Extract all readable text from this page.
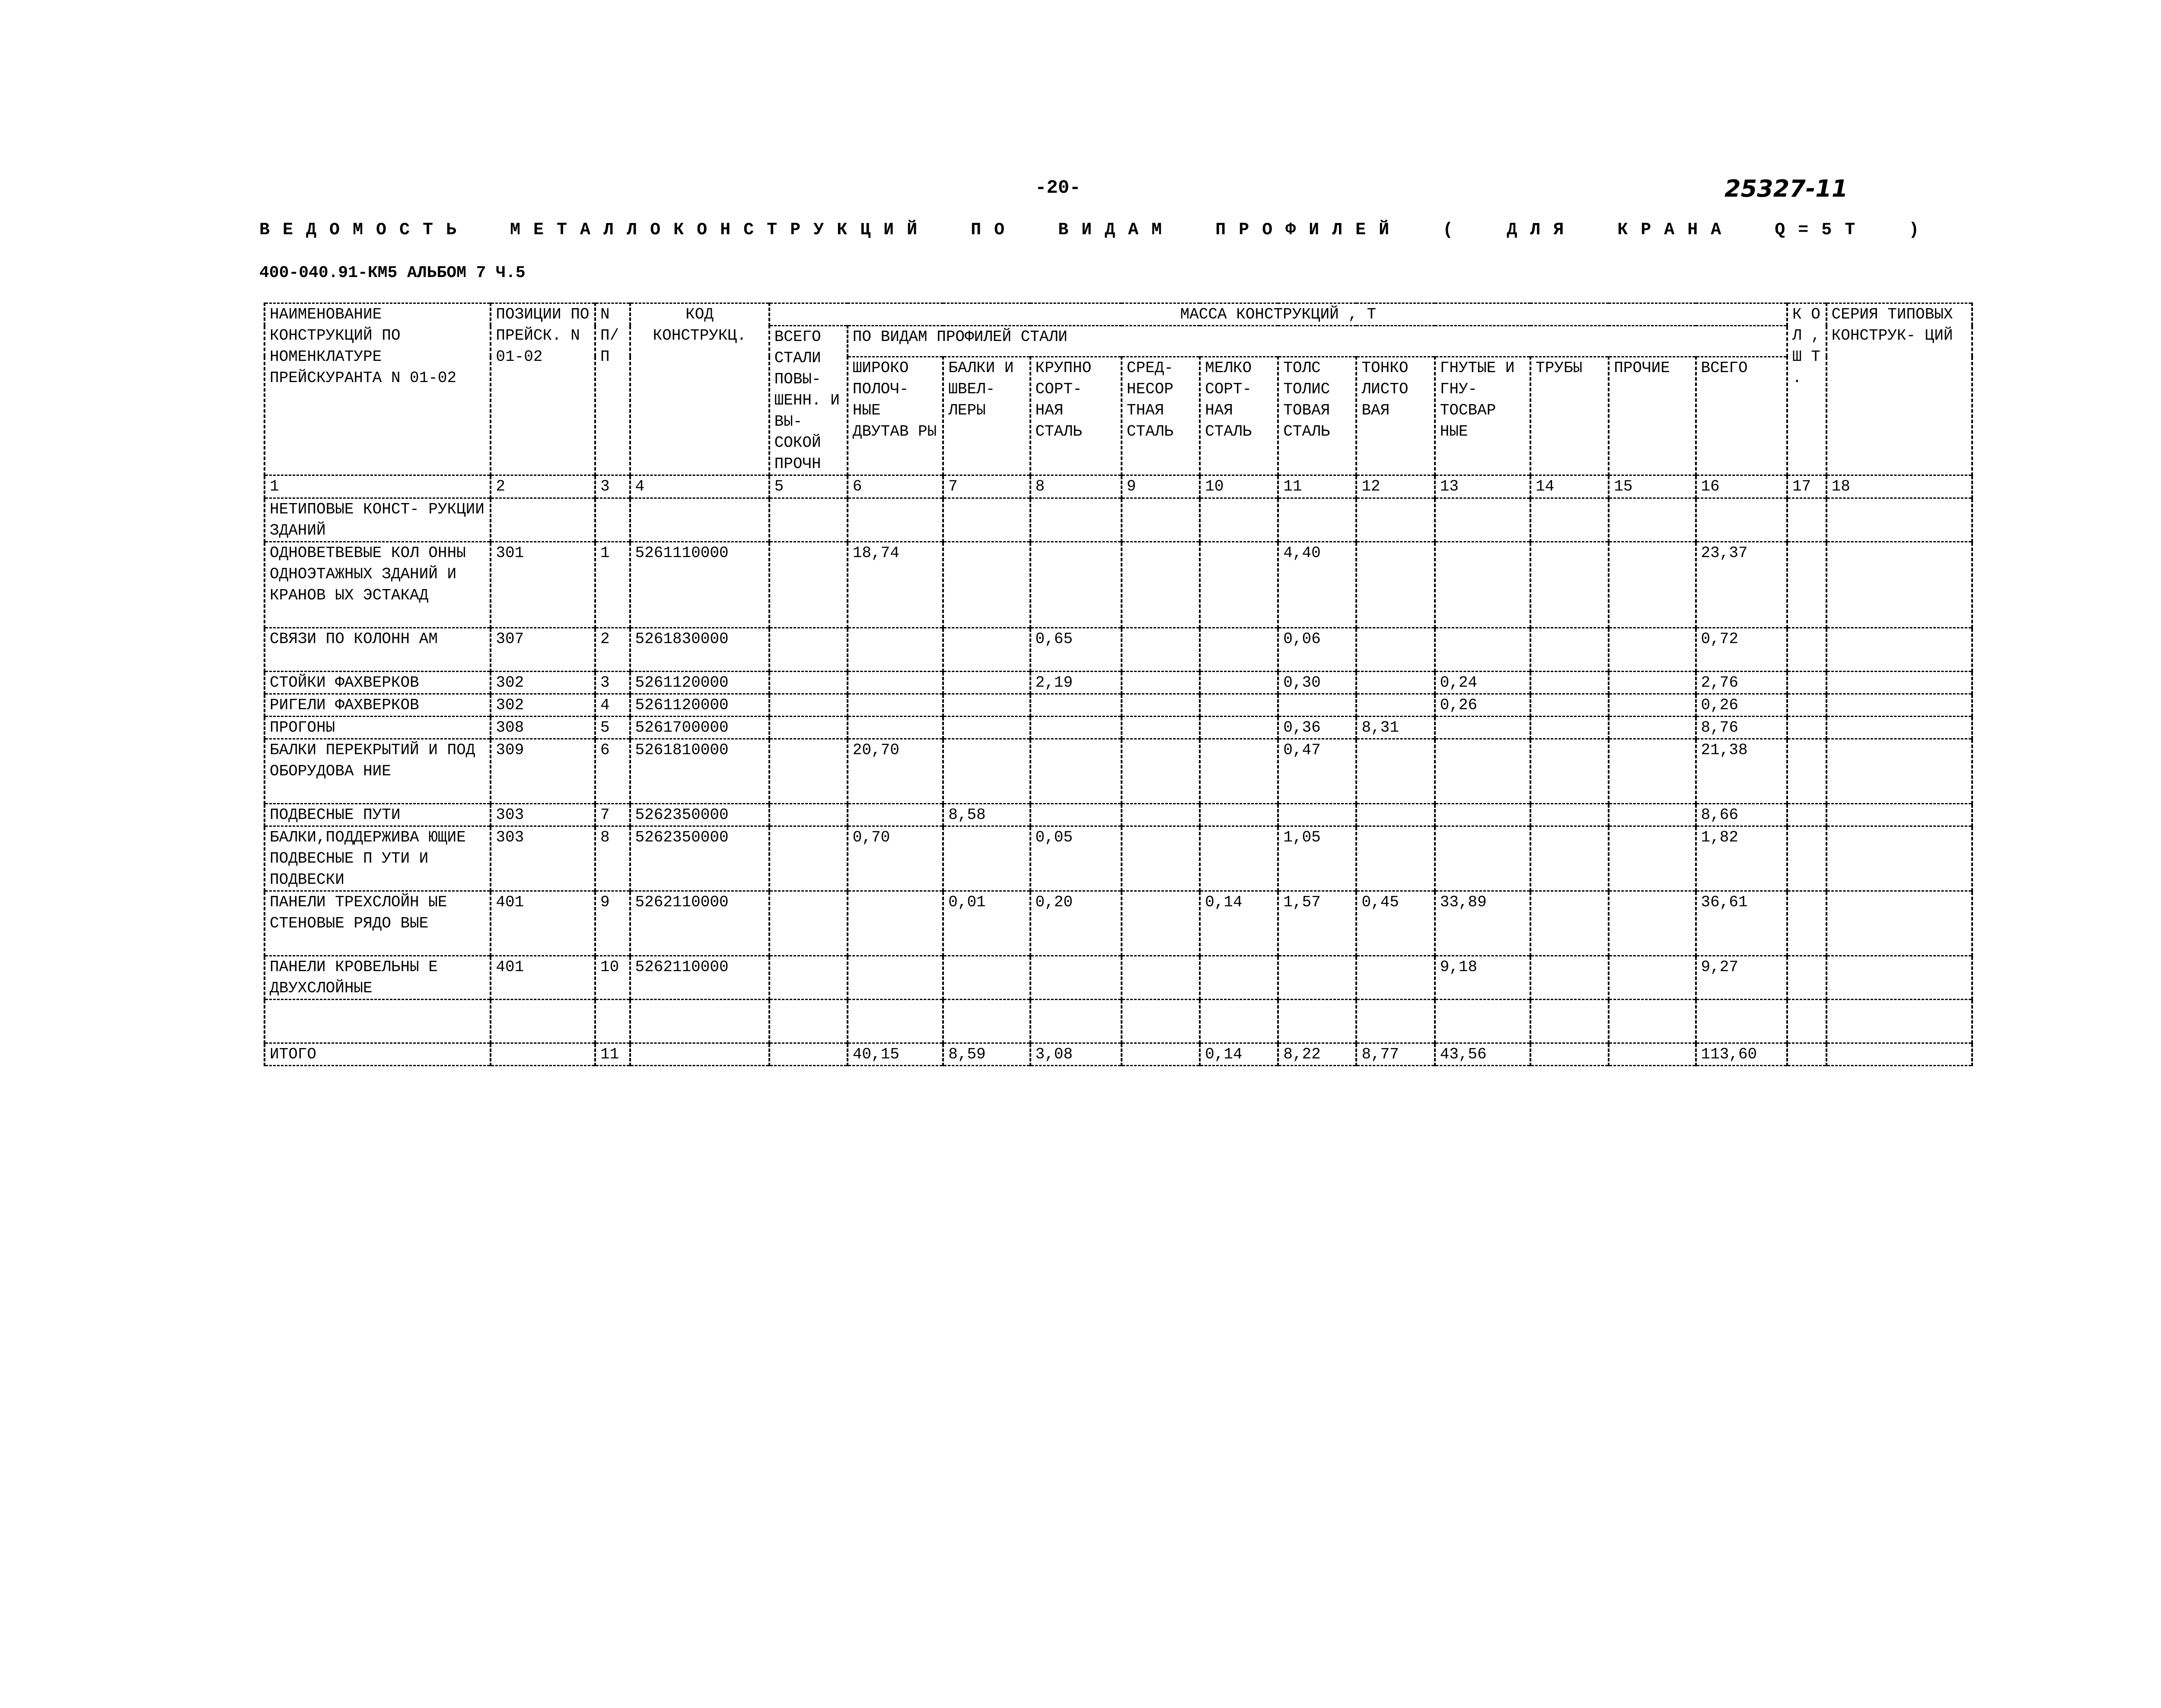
-20-	25327-11
ВЕДОМОСТЬ МЕТАЛЛОКОНСТРУКЦИЙ ПО ВИДАМ ПРОФИЛЕЙ ( ДЛЯ КРАНА Q=5Т )
400-040.91-КМ5 АЛЬБОМ 7 Ч.5
НАИМЕНОВАНИЕ КОНСТРУКЦИЙ ПО НОМЕНКЛАТУРЕ ПРЕЙСКУРАНТА N 01-02	ПОЗИЦИИ ПО ПРЕЙСК. N 01-02	N П/П	КОД КОНСТРУКЦ.	МАССА КОНСТРУКЦИЙ , Т												К О Л , Ш Т .	СЕРИЯ ТИПОВЫХ КОНСТРУК- ЦИЙ
				ВСЕГО СТАЛИ ПОВЫ- ШЕНН. И ВЫ- СОКОЙ ПРОЧН	ПО ВИДАМ ПРОФИЛЕЙ СТАЛИ												
					ШИРОКО ПОЛОЧ- НЫЕ ДВУТАВ РЫ	БАЛКИ И ШВЕЛ- ЛЕРЫ	КРУПНО СОРТ- НАЯ СТАЛЬ	СРЕД- НЕСОР ТНАЯ СТАЛЬ	МЕЛКО СОРТ- НАЯ СТАЛЬ	ТОЛС ТОЛИС ТОВАЯ СТАЛЬ	ТОНКО ЛИСТО ВАЯ	ГНУТЫЕ И ГНУ- ТОСВАР НЫЕ	ТРУБЫ	ПРОЧИЕ	ВСЕГО		
1	2	3	4	5	6	7	8	9	10	11	12	13	14	15	16	17	18
НЕТИПОВЫЕ КОНСТ- РУКЦИИ ЗДАНИЙ																	
ОДНОВЕТВЕВЫЕ КОЛ ОННЫ ОДНОЭТАЖНЫХ ЗДАНИЙ И КРАНОВ ЫХ ЭСТАКАД	301	1	5261110000		18,74					4,40					23,37		
СВЯЗИ ПО КОЛОНН АМ	307	2	5261830000				0,65			0,06					0,72		
СТОЙКИ ФАХВЕРКОВ	302	3	5261120000				2,19			0,30		0,24			2,76		
РИГЕЛИ ФАХВЕРКОВ	302	4	5261120000									0,26			0,26		
ПРОГОНЫ	308	5	5261700000							0,36	8,31				8,76		
БАЛКИ ПЕРЕКРЫТИЙ И ПОД ОБОРУДОВА НИЕ	309	6	5261810000		20,70					0,47					21,38		
ПОДВЕСНЫЕ ПУТИ	303	7	5262350000			8,58									8,66		
БАЛКИ,ПОДДЕРЖИВА ЮЩИЕ ПОДВЕСНЫЕ П УТИ И ПОДВЕСКИ	303	8	5262350000		0,70		0,05			1,05					1,82		
ПАНЕЛИ ТРЕХСЛОЙН ЫЕ СТЕНОВЫЕ РЯДО ВЫЕ	401	9	5262110000			0,01	0,20		0,14	1,57	0,45	33,89			36,61		
ПАНЕЛИ КРОВЕЛЬНЫ Е ДВУХСЛОЙНЫЕ	401	10	5262110000									9,18			9,27		

ИТОГО		11			40,15	8,59	3,08		0,14	8,22	8,77	43,56			113,60		
